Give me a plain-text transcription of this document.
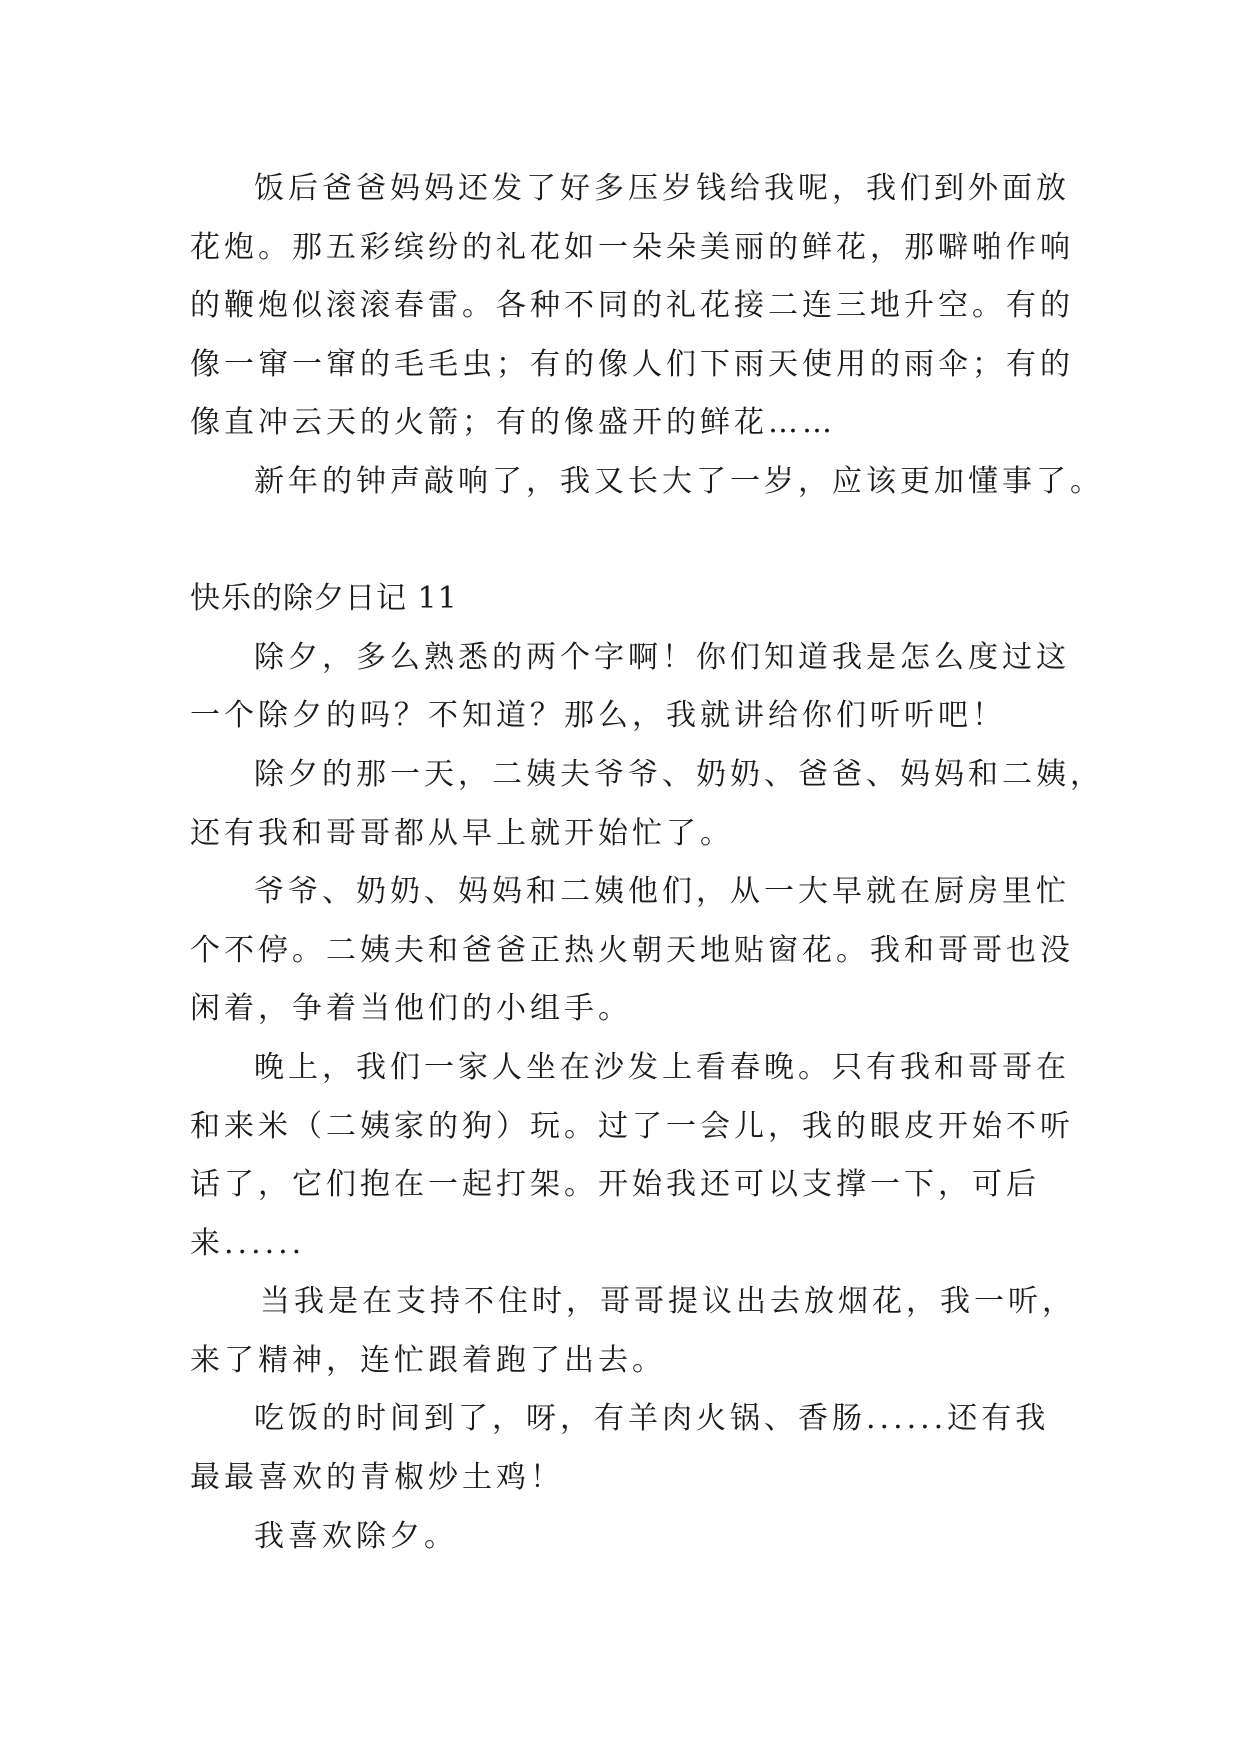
饭后爸爸妈妈还发了好多压岁钱给我呢，我们到外面放
花炮。那五彩缤纷的礼花如一朵朵美丽的鲜花，那噼啪作响
的鞭炮似滚滚春雷。各种不同的礼花接二连三地升空。有的
像一窜一窜的毛毛虫；有的像人们下雨天使用的雨伞；有的
像直冲云天的火箭；有的像盛开的鲜花……
新年的钟声敲响了，我又长大了一岁，应该更加懂事了。
快乐的除夕日记 11
除夕，多么熟悉的两个字啊！你们知道我是怎么度过这
一个除夕的吗？不知道？那么，我就讲给你们听听吧！
除夕的那一天，二姨夫爷爷、奶奶、爸爸、妈妈和二姨，
还有我和哥哥都从早上就开始忙了。
爷爷、奶奶、妈妈和二姨他们，从一大早就在厨房里忙
个不停。二姨夫和爸爸正热火朝天地贴窗花。我和哥哥也没
闲着，争着当他们的小组手。
晚上，我们一家人坐在沙发上看春晚。只有我和哥哥在
和来米（二姨家的狗）玩。过了一会儿，我的眼皮开始不听
话了，它们抱在一起打架。开始我还可以支撑一下，可后
来......
当我是在支持不住时，哥哥提议出去放烟花，我一听，
来了精神，连忙跟着跑了出去。
吃饭的时间到了，呀，有羊肉火锅、香肠......还有我
最最喜欢的青椒炒土鸡！
我喜欢除夕。
